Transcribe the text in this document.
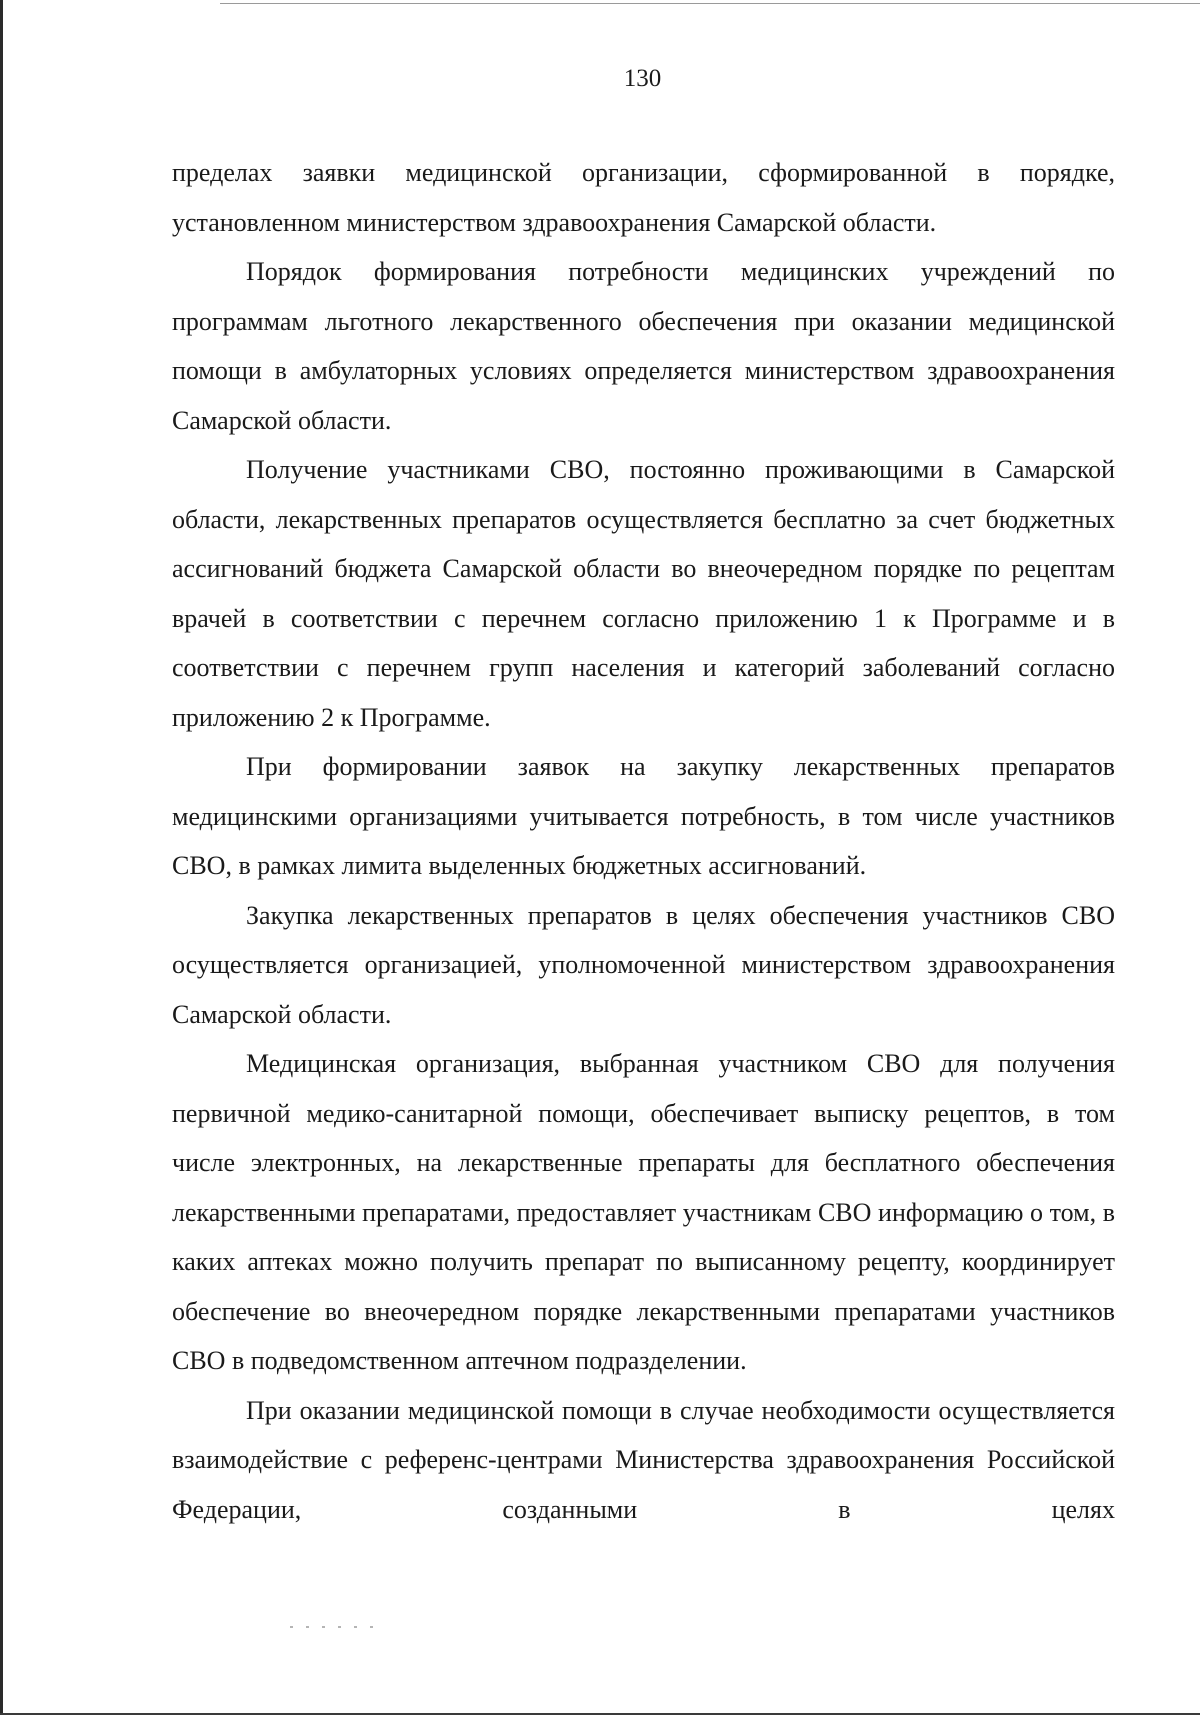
130

пределах заявки медицинской организации, сформированной в порядке, установленном министерством здравоохранения Самарской области.

Порядок формирования потребности медицинских учреждений по программам льготного лекарственного обеспечения при оказании медицинской помощи в амбулаторных условиях определяется министерством здравоохранения Самарской области.

Получение участниками СВО, постоянно проживающими в Самарской области, лекарственных препаратов осуществляется бесплатно за счет бюджетных ассигнований бюджета Самарской области во внеочередном порядке по рецептам врачей в соответствии с перечнем согласно приложению 1 к Программе и в соответствии с перечнем групп населения и категорий заболеваний согласно приложению 2 к Программе.

При формировании заявок на закупку лекарственных препаратов медицинскими организациями учитывается потребность, в том числе участников СВО, в рамках лимита выделенных бюджетных ассигнований.

Закупка лекарственных препаратов в целях обеспечения участников СВО осуществляется организацией, уполномоченной министерством здравоохранения Самарской области.

Медицинская организация, выбранная участником СВО для получения первичной медико-санитарной помощи, обеспечивает выписку рецептов, в том числе электронных, на лекарственные препараты для бесплатного обеспечения лекарственными препаратами, предоставляет участникам СВО информацию о том, в каких аптеках можно получить препарат по выписанному рецепту, координирует обеспечение во внеочередном порядке лекарственными препаратами участников СВО в подведомственном аптечном подразделении.

При оказании медицинской помощи в случае необходимости осуществляется взаимодействие с референс-центрами Министерства здравоохранения Российской Федерации, созданными в целях
